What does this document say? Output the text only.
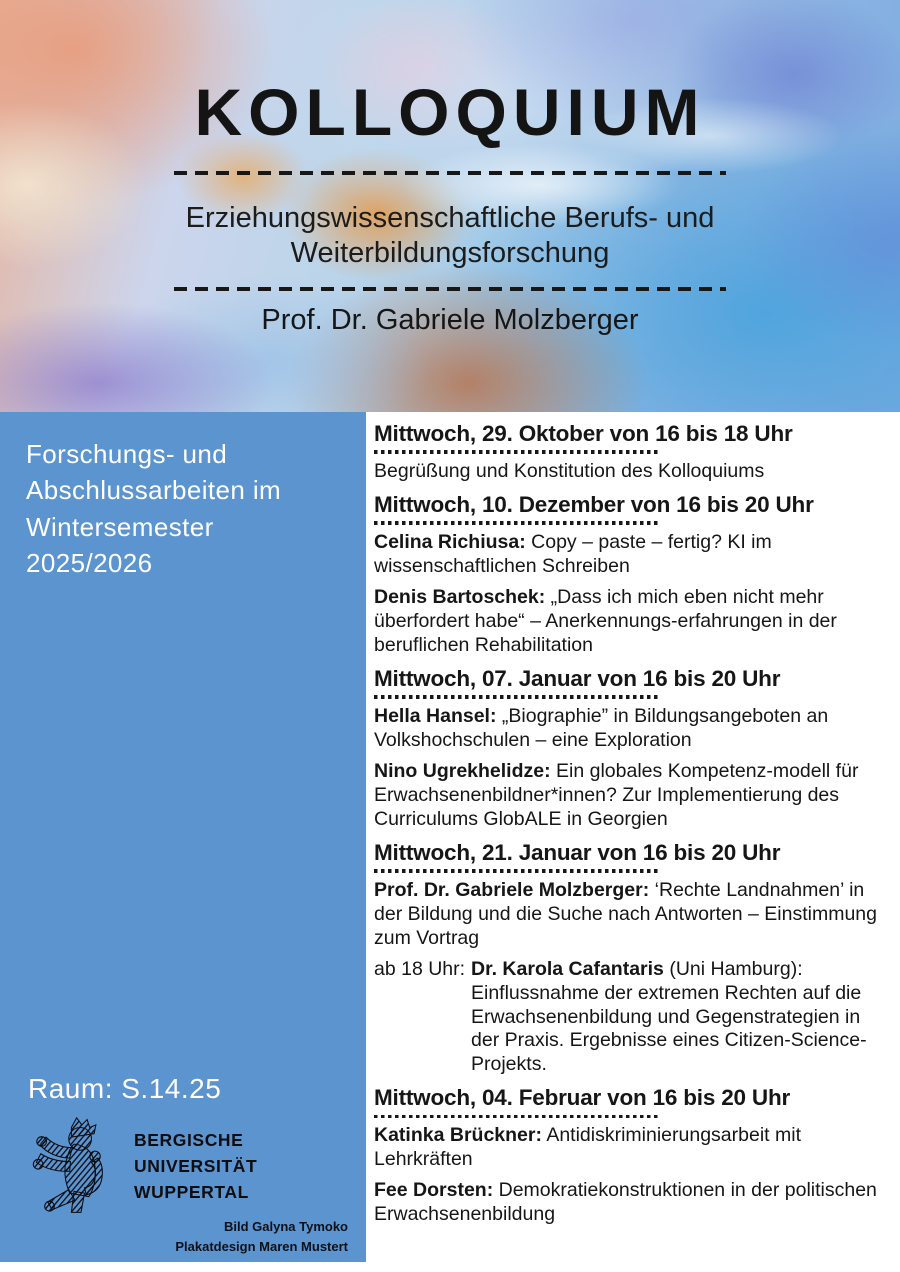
KOLLOQUIUM
Erziehungswissenschaftliche Berufs- und Weiterbildungsforschung
Prof. Dr. Gabriele Molzberger
Forschungs- und Abschlussarbeiten im Wintersemester 2025/2026
Raum: S.14.25
BERGISCHE
UNIVERSITÄT
WUPPERTAL
Bild Galyna Tymoko
Plakatdesign Maren Mustert
Mittwoch, 29. Oktober von 16 bis 18 Uhr

Begrüßung und Konstitution des Kolloquiums

Mittwoch, 10. Dezember von 16 bis 20 Uhr

Celina Richiusa: Copy – paste – fertig? KI im wissenschaftlichen Schreiben

Denis Bartoschek: „Dass ich mich eben nicht mehr überfordert habe“ – Anerkennungs-erfahrungen in der beruflichen Rehabilitation

Mittwoch, 07. Januar von 16 bis 20 Uhr

Hella Hansel: „Biographie” in Bildungsangeboten an Volkshochschulen – eine Exploration

Nino Ugrekhelidze: Ein globales Kompetenz-modell für Erwachsenenbildner*innen? Zur Implementierung des Curriculums GlobALE in Georgien

Mittwoch, 21. Januar von 16 bis 20 Uhr

Prof. Dr. Gabriele Molzberger: ‘Rechte Landnahmen’ in der Bildung und die Suche nach Antworten – Einstimmung zum Vortrag

ab 18 Uhr: Dr. Karola Cafantaris (Uni Hamburg): Einflussnahme der extremen Rechten auf die Erwachsenenbildung und Gegenstrategien in der Praxis. Ergebnisse eines Citizen-Science-Projekts.
Mittwoch, 04. Februar von 16 bis 20 Uhr

Katinka Brückner: Antidiskriminierungsarbeit mit Lehrkräften

Fee Dorsten: Demokratiekonstruktionen in der politischen Erwachsenenbildung
